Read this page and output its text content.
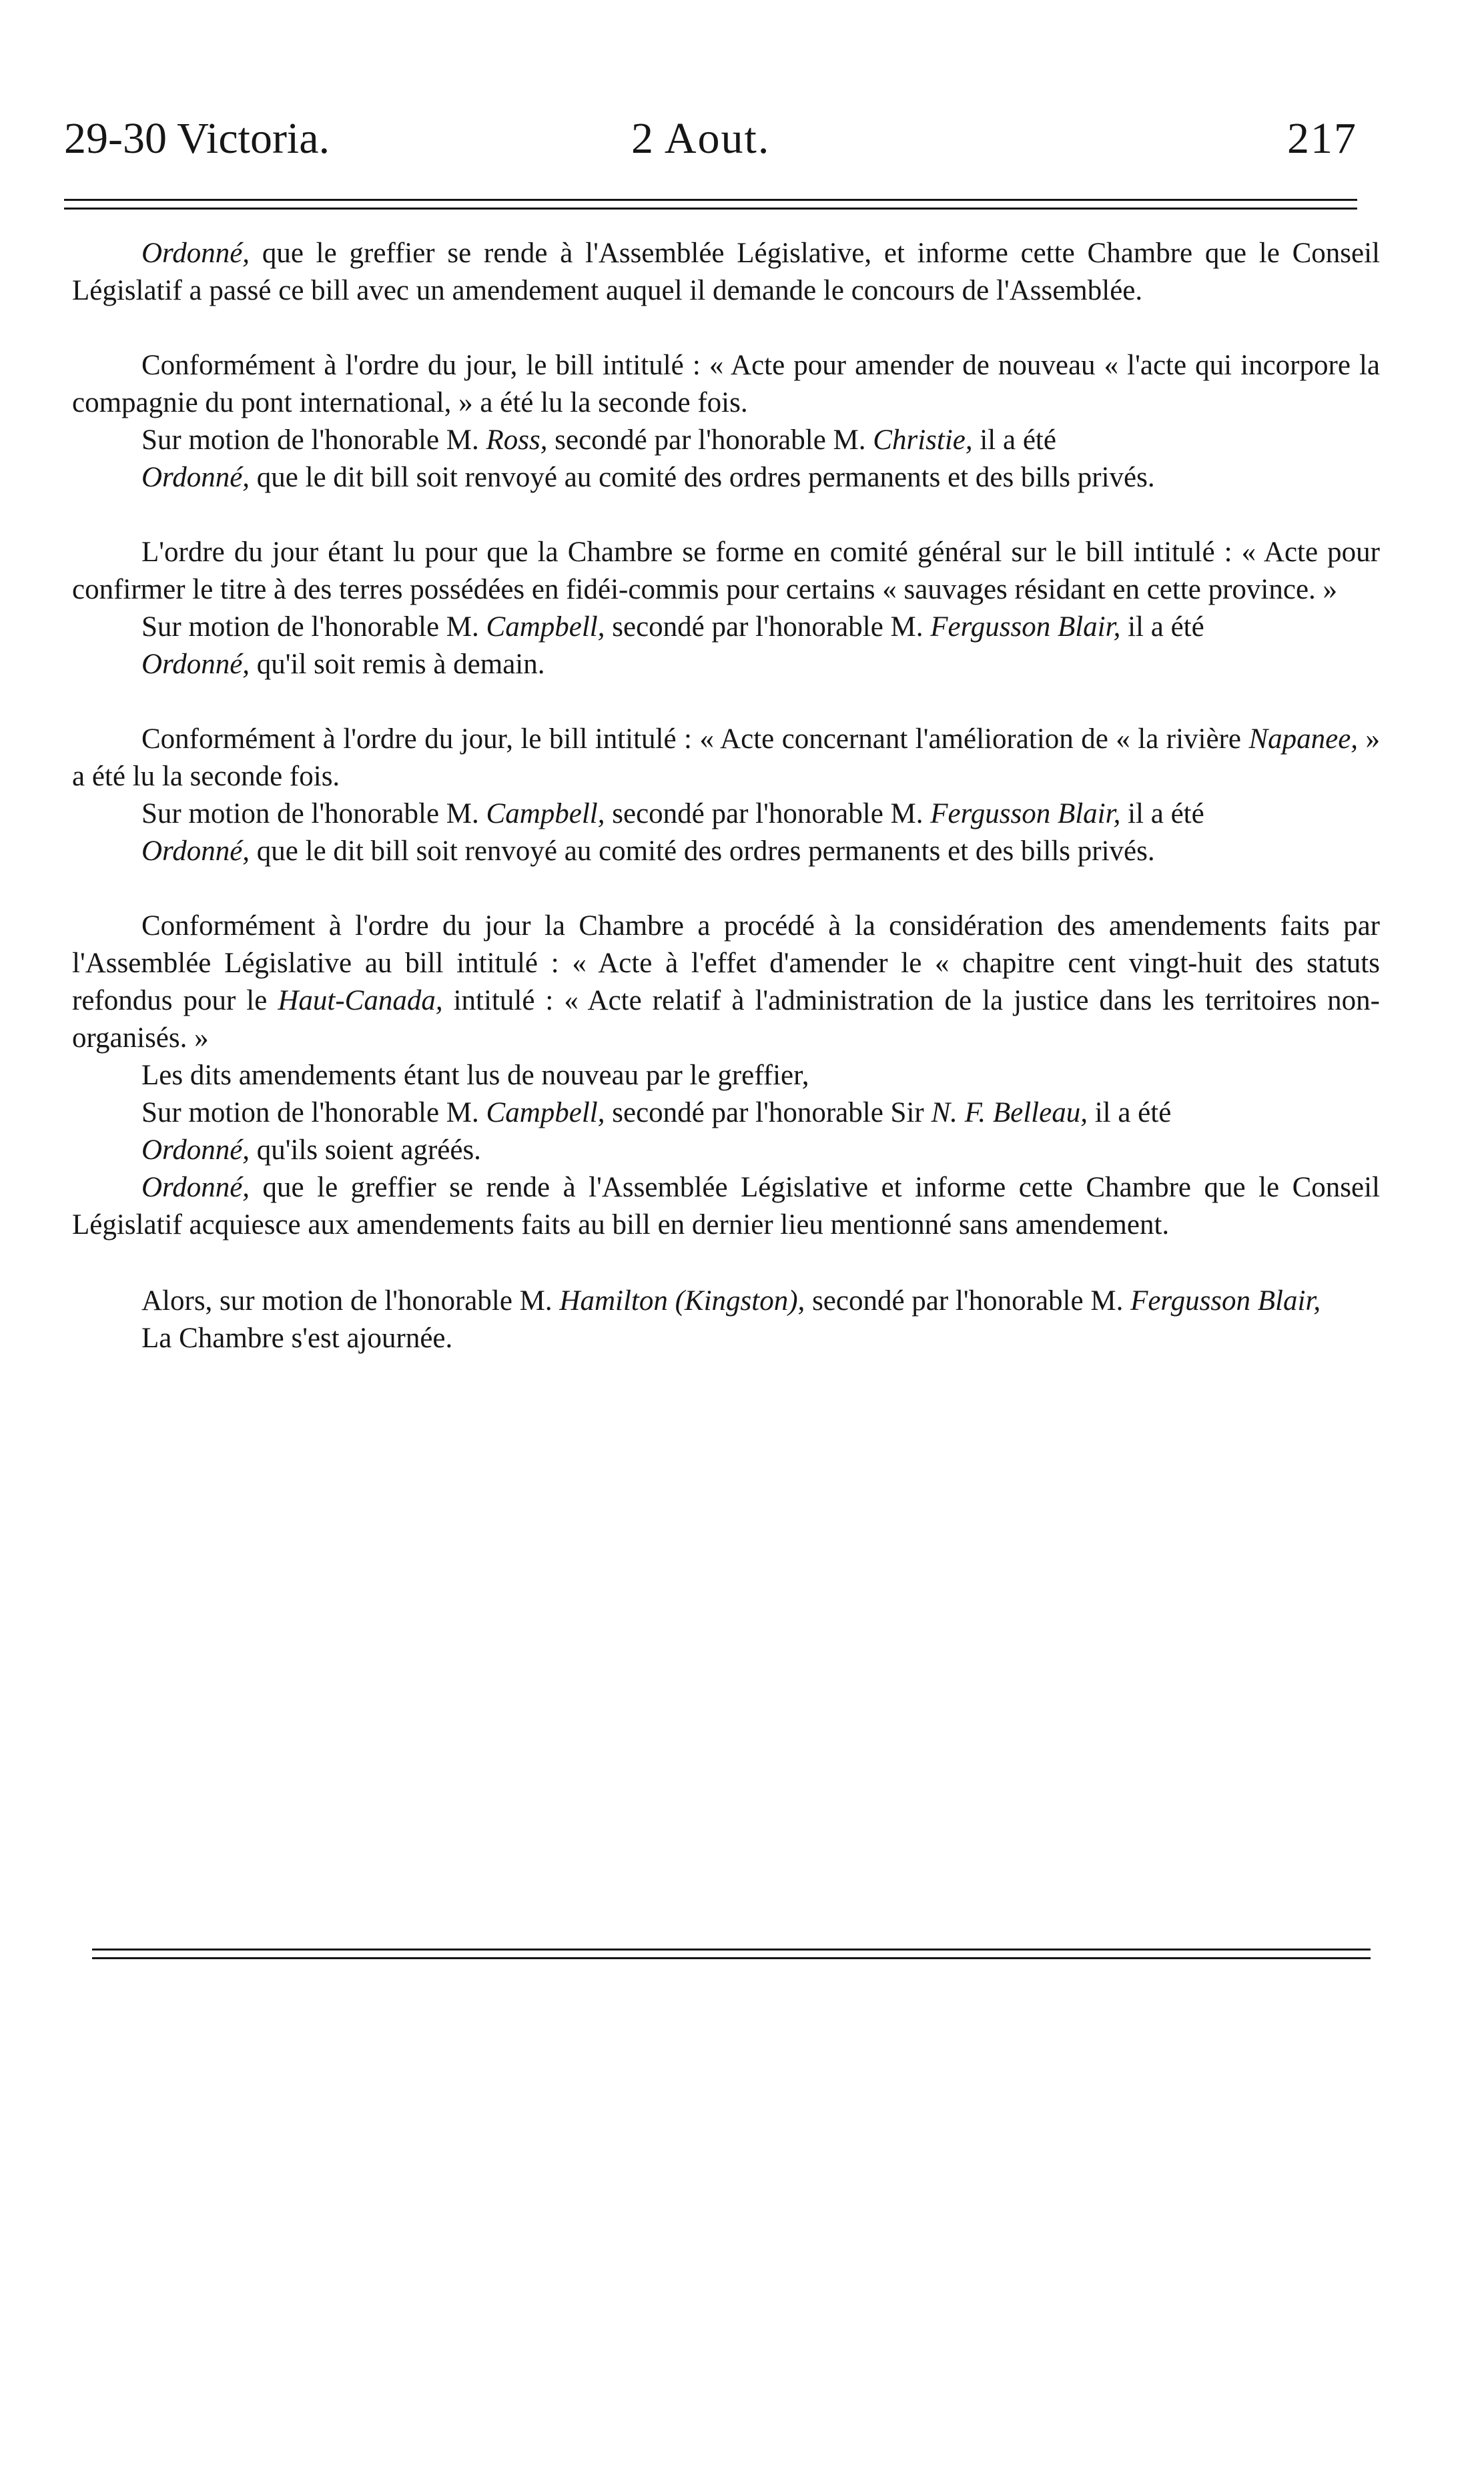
29-30 Victoria.	2 Aout.	217

Ordonné, que le greffier se rende à l'Assemblée Législative, et informe cette Chambre que le Conseil Législatif a passé ce bill avec un amendement auquel il demande le concours de l'Assemblée.

Conformément à l'ordre du jour, le bill intitulé : « Acte pour amender de nouveau « l'acte qui incorpore la compagnie du pont international, » a été lu la seconde fois.

Sur motion de l'honorable M. Ross, secondé par l'honorable M. Christie, il a été

Ordonné, que le dit bill soit renvoyé au comité des ordres permanents et des bills privés.

L'ordre du jour étant lu pour que la Chambre se forme en comité général sur le bill intitulé : « Acte pour confirmer le titre à des terres possédées en fidéi-commis pour certains « sauvages résidant en cette province. »

Sur motion de l'honorable M. Campbell, secondé par l'honorable M. Fergusson Blair, il a été

Ordonné, qu'il soit remis à demain.

Conformément à l'ordre du jour, le bill intitulé : « Acte concernant l'amélioration de « la rivière Napanee, » a été lu la seconde fois.

Sur motion de l'honorable M. Campbell, secondé par l'honorable M. Fergusson Blair, il a été

Ordonné, que le dit bill soit renvoyé au comité des ordres permanents et des bills privés.

Conformément à l'ordre du jour la Chambre a procédé à la considération des amendements faits par l'Assemblée Législative au bill intitulé : « Acte à l'effet d'amender le « chapitre cent vingt-huit des statuts refondus pour le Haut-Canada, intitulé : « Acte relatif à l'administration de la justice dans les territoires non-organisés. »

Les dits amendements étant lus de nouveau par le greffier,

Sur motion de l'honorable M. Campbell, secondé par l'honorable Sir N. F. Belleau, il a été

Ordonné, qu'ils soient agréés.

Ordonné, que le greffier se rende à l'Assemblée Législative et informe cette Chambre que le Conseil Législatif acquiesce aux amendements faits au bill en dernier lieu mentionné sans amendement.

Alors, sur motion de l'honorable M. Hamilton (Kingston), secondé par l'honorable M. Fergusson Blair,

La Chambre s'est ajournée.
